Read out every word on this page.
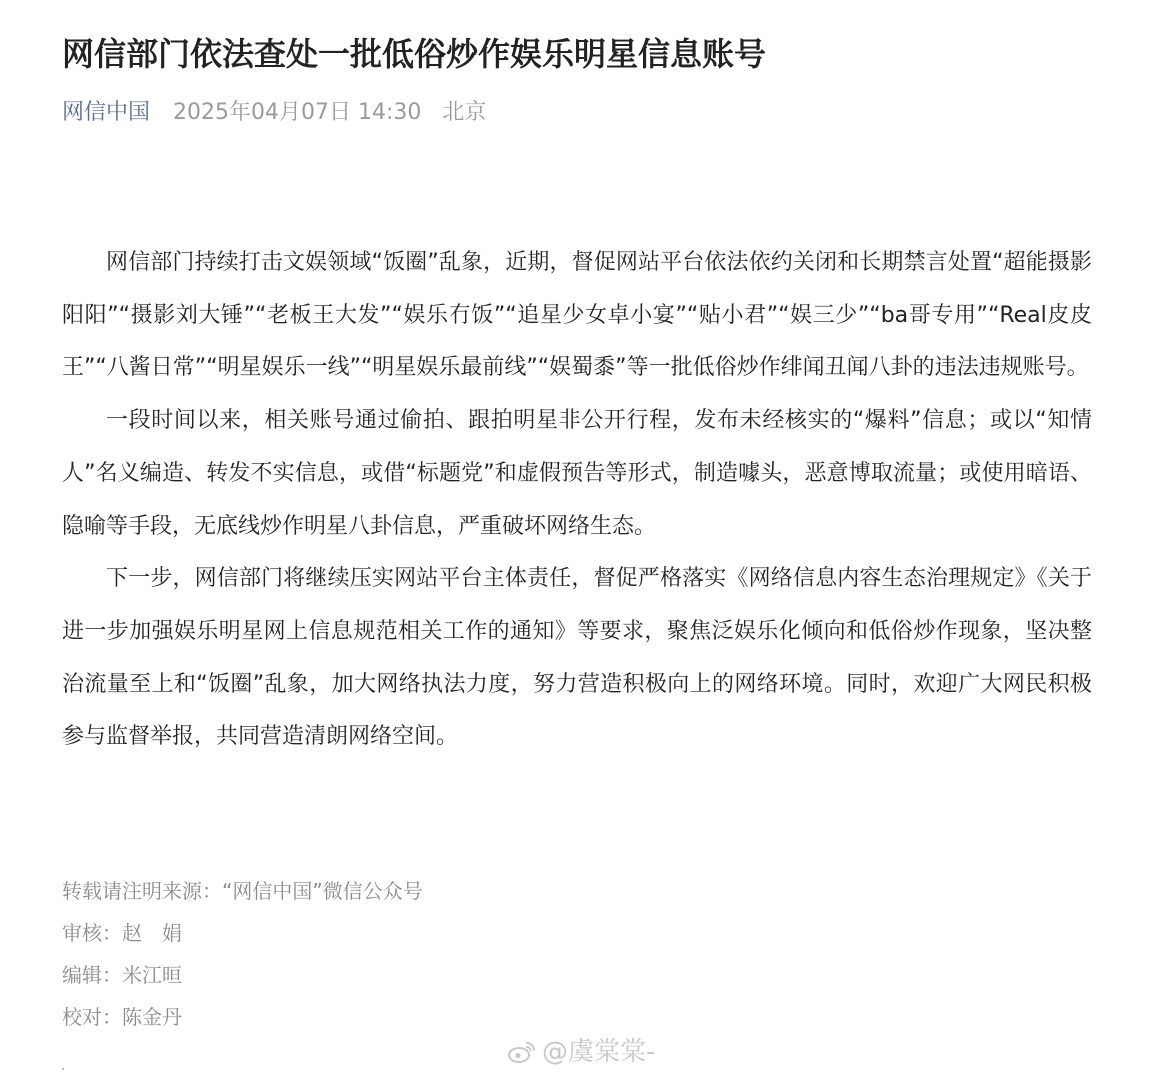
网信部门依法查处一批低俗炒作娱乐明星信息账号
网信中国 2025年04月07日 14:30 北京

网信部门持续打击文娱领域“饭圈”乱象，近期，督促网站平台依法依约关闭和长期禁言处置“超能摄影阳阳”“摄影刘大锤”“老板王大发”“娱乐冇饭”“追星少女卓小宴”“贴小君”“娱三少”“ba哥专用”“Real皮皮王”“八酱日常”“明星娱乐一线”“明星娱乐最前线”“娱蜀黍”等一批低俗炒作绯闻丑闻八卦的违法违规账号。

一段时间以来，相关账号通过偷拍、跟拍明星非公开行程，发布未经核实的“爆料”信息；或以“知情人”名义编造、转发不实信息，或借“标题党”和虚假预告等形式，制造噱头，恶意博取流量；或使用暗语、隐喻等手段，无底线炒作明星八卦信息，严重破坏网络生态。

下一步，网信部门将继续压实网站平台主体责任，督促严格落实《网络信息内容生态治理规定》《关于进一步加强娱乐明星网上信息规范相关工作的通知》等要求，聚焦泛娱乐化倾向和低俗炒作现象，坚决整治流量至上和“饭圈”乱象，加大网络执法力度，努力营造积极向上的网络环境。同时，欢迎广大网民积极参与监督举报，共同营造清朗网络空间。

转载请注明来源：“网信中国”微信公众号
审核：赵　娟
编辑：米江晅
校对：陈金丹
@虞棠棠-
